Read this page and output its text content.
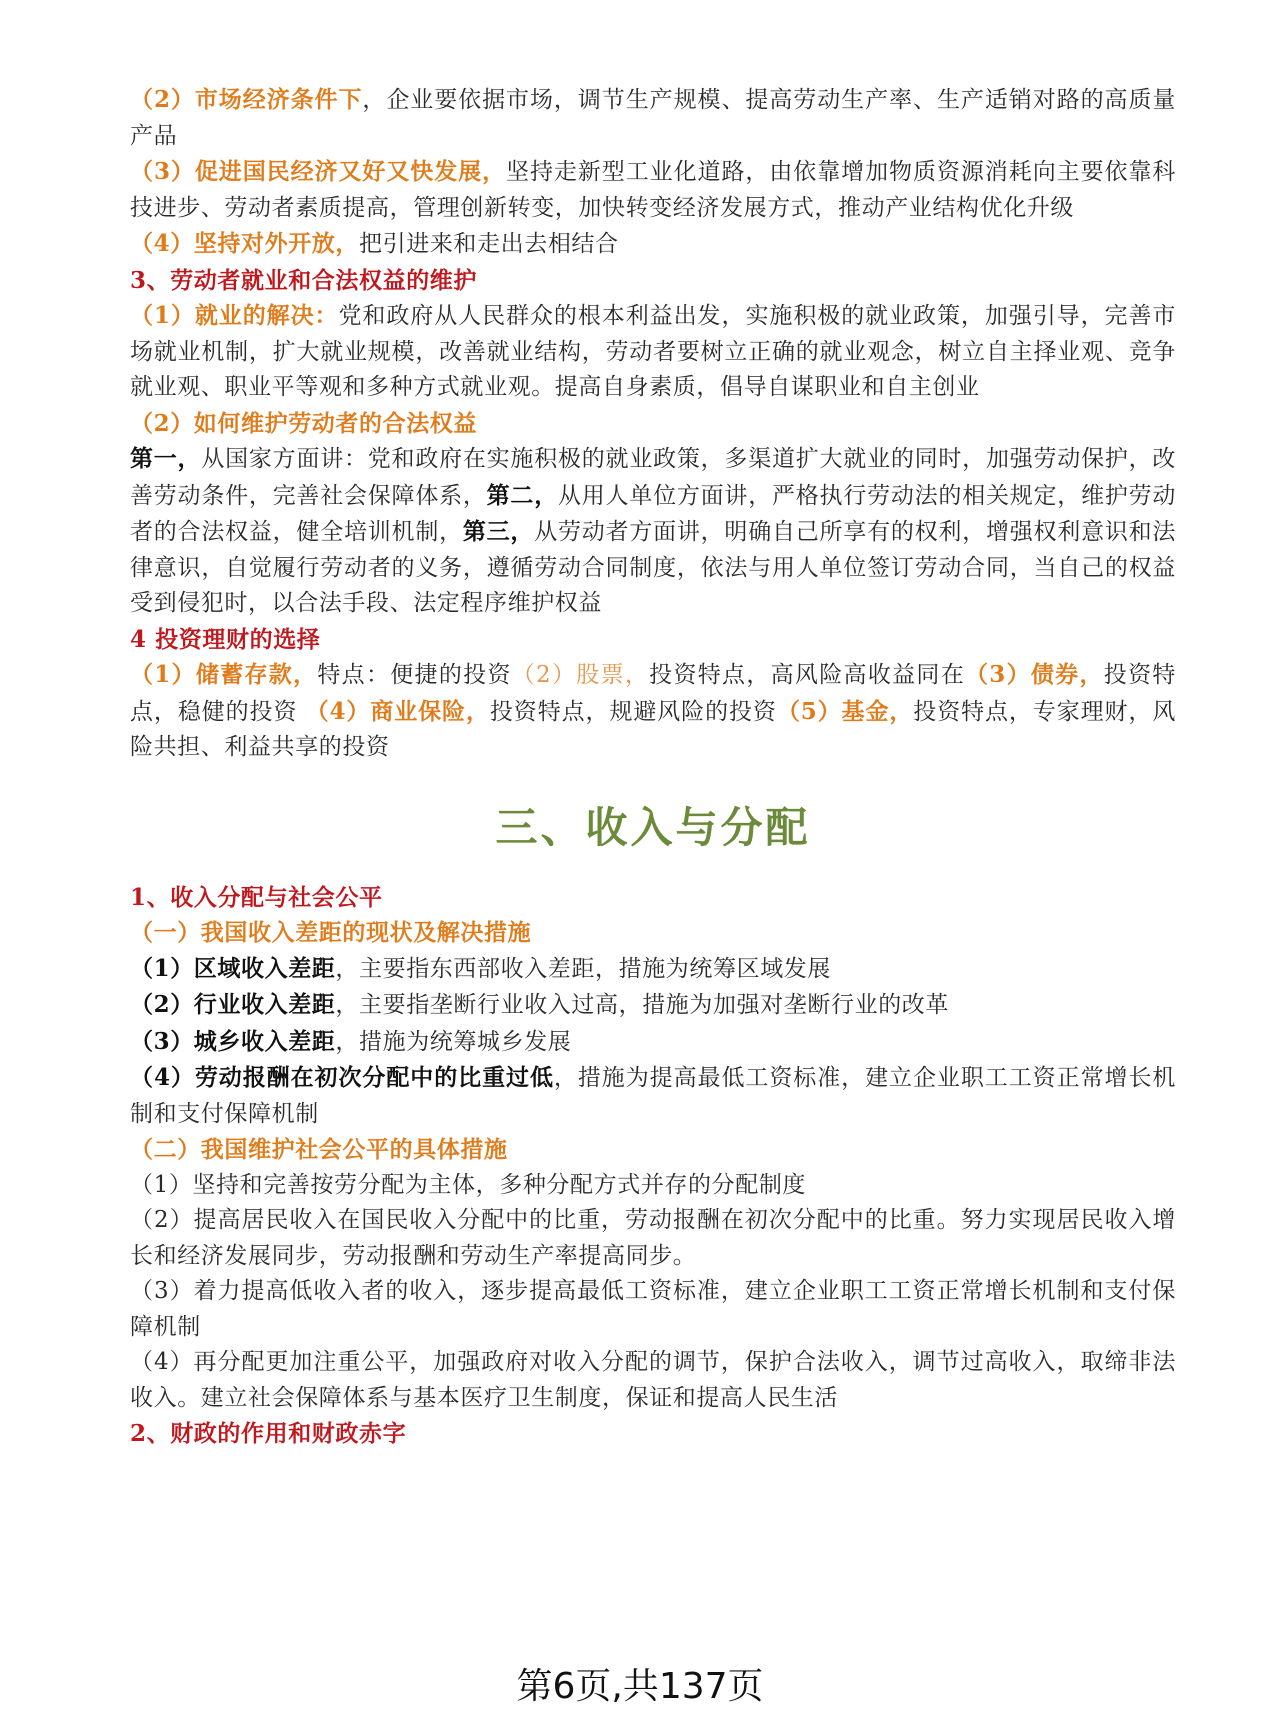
（2）市场经济条件下，企业要依据市场，调节生产规模、提高劳动生产率、生产适销对路的高质量产品

（3）促进国民经济又好又快发展，坚持走新型工业化道路，由依靠增加物质资源消耗向主要依靠科技进步、劳动者素质提高，管理创新转变，加快转变经济发展方式，推动产业结构优化升级

（4）坚持对外开放，把引进来和走出去相结合

3、劳动者就业和合法权益的维护

（1）就业的解决：党和政府从人民群众的根本利益出发，实施积极的就业政策，加强引导，完善市场就业机制，扩大就业规模，改善就业结构，劳动者要树立正确的就业观念，树立自主择业观、竞争就业观、职业平等观和多种方式就业观。提高自身素质，倡导自谋职业和自主创业

（2）如何维护劳动者的合法权益

第一，从国家方面讲：党和政府在实施积极的就业政策，多渠道扩大就业的同时，加强劳动保护，改善劳动条件，完善社会保障体系，第二，从用人单位方面讲，严格执行劳动法的相关规定，维护劳动者的合法权益，健全培训机制，第三，从劳动者方面讲，明确自己所享有的权利，增强权利意识和法律意识，自觉履行劳动者的义务，遵循劳动合同制度，依法与用人单位签订劳动合同，当自己的权益受到侵犯时，以合法手段、法定程序维护权益

4 投资理财的选择

（1）储蓄存款，特点：便捷的投资（2）股票，投资特点，高风险高收益同在（3）债券，投资特点，稳健的投资 （4）商业保险，投资特点，规避风险的投资（5）基金，投资特点，专家理财，风险共担、利益共享的投资

三、收入与分配

1、收入分配与社会公平

（一）我国收入差距的现状及解决措施

（1）区域收入差距，主要指东西部收入差距，措施为统筹区域发展

（2）行业收入差距，主要指垄断行业收入过高，措施为加强对垄断行业的改革

（3）城乡收入差距，措施为统筹城乡发展

（4）劳动报酬在初次分配中的比重过低，措施为提高最低工资标准，建立企业职工工资正常增长机制和支付保障机制

（二）我国维护社会公平的具体措施

（1）坚持和完善按劳分配为主体，多种分配方式并存的分配制度

（2）提高居民收入在国民收入分配中的比重，劳动报酬在初次分配中的比重。努力实现居民收入增长和经济发展同步，劳动报酬和劳动生产率提高同步。

（3）着力提高低收入者的收入，逐步提高最低工资标准，建立企业职工工资正常增长机制和支付保障机制

（4）再分配更加注重公平，加强政府对收入分配的调节，保护合法收入，调节过高收入，取缔非法收入。建立社会保障体系与基本医疗卫生制度，保证和提高人民生活

2、财政的作用和财政赤字

第6页,共137页
